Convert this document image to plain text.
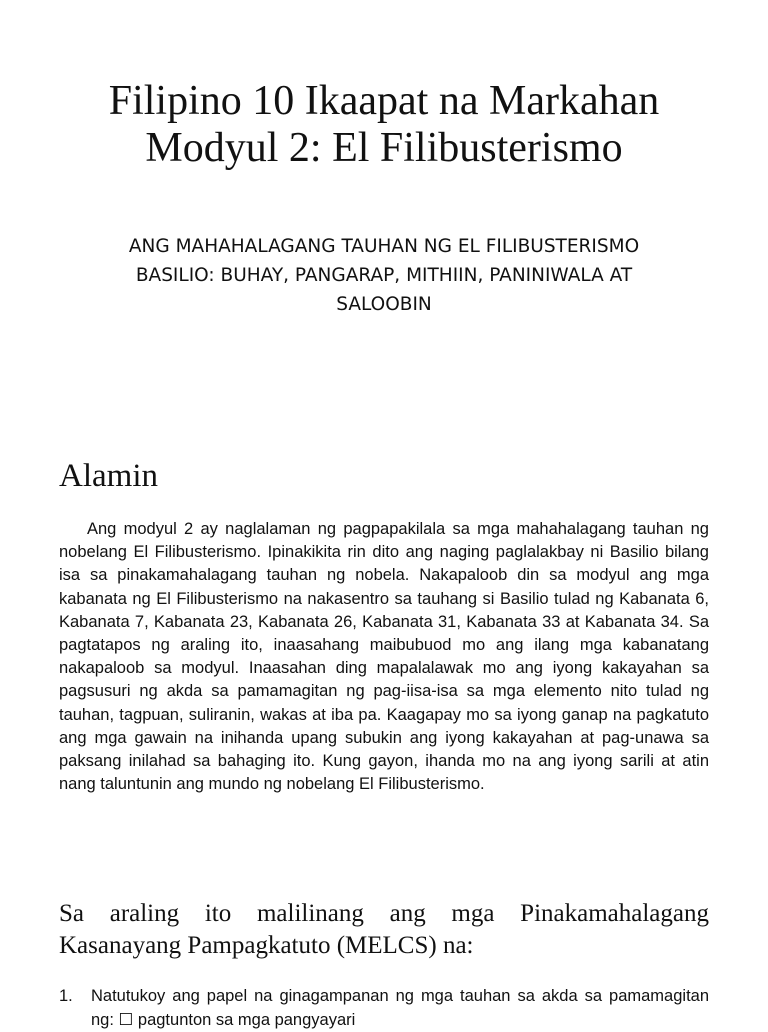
Filipino 10 Ikaapat na Markahan Modyul 2: El Filibusterismo
ANG MAHAHALAGANG TAUHAN NG EL FILIBUSTERISMO BASILIO: BUHAY, PANGARAP, MITHIIN, PANINIWALA AT SALOOBIN
Alamin

Ang modyul 2 ay naglalaman ng pagpapakilala sa mga mahahalagang tauhan ng nobelang El Filibusterismo. Ipinakikita rin dito ang naging paglalakbay ni Basilio bilang isa sa pinakamahalagang tauhan ng nobela. Nakapaloob din sa modyul ang mga kabanata ng El Filibusterismo na nakasentro sa tauhang si Basilio tulad ng Kabanata 6, Kabanata 7, Kabanata 23, Kabanata 26, Kabanata 31, Kabanata 33 at Kabanata 34. Sa pagtatapos ng araling ito, inaasahang maibubuod mo ang ilang mga kabanatang nakapaloob sa modyul. Inaasahan ding mapalalawak mo ang iyong kakayahan sa pagsusuri ng akda sa pamamagitan ng pag-iisa-isa sa mga elemento nito tulad ng tauhan, tagpuan, suliranin, wakas at iba pa. Kaagapay mo sa iyong ganap na pagkatuto ang mga gawain na inihanda upang subukin ang iyong kakayahan at pag-unawa sa paksang inilahad sa bahaging ito. Kung gayon, ihanda mo na ang iyong sarili at atin nang taluntunin ang mundo ng nobelang El Filibusterismo.

Sa araling ito malilinang ang mga Pinakamahalagang Kasanayang Pampagkatuto (MELCS) na:
1.	Natutukoy ang papel na ginagampanan ng mga tauhan sa akda sa pamamagitan ng: ☐ pagtunton sa mga pangyayari
